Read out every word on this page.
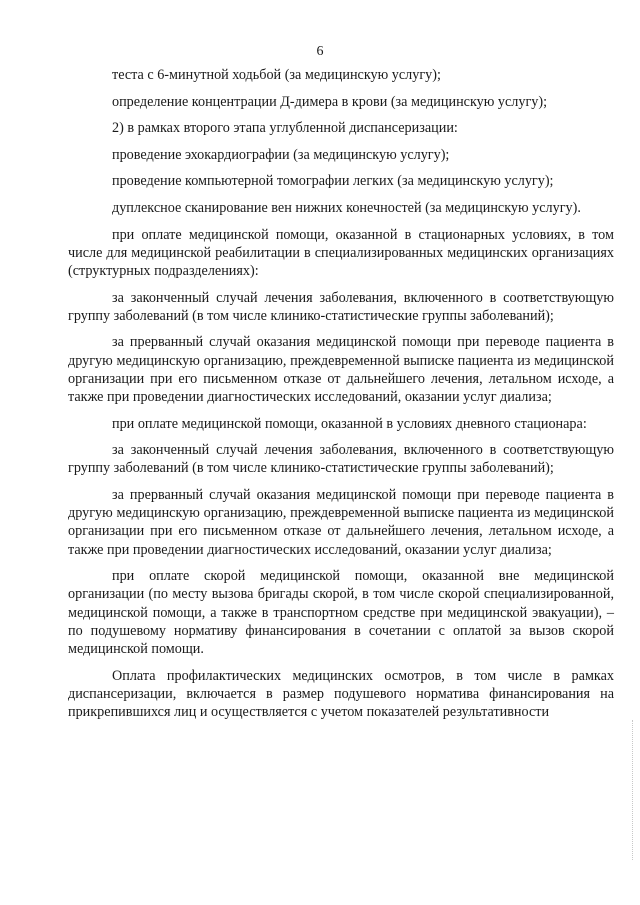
6

теста с 6-минутной ходьбой (за медицинскую услугу);

определение концентрации Д-димера в крови (за медицинскую услугу);

2) в рамках второго этапа углубленной диспансеризации:

проведение эхокардиографии (за медицинскую услугу);

проведение компьютерной томографии легких (за медицинскую услугу);

дуплексное сканирование вен нижних конечностей (за медицинскую услугу).

при оплате медицинской помощи, оказанной в стационарных условиях, в том числе для медицинской реабилитации в специализированных медицинских организациях (структурных подразделениях):

за законченный случай лечения заболевания, включенного в соответствующую группу заболеваний (в том числе клинико-статистические группы заболеваний);

за прерванный случай оказания медицинской помощи при переводе пациента в другую медицинскую организацию, преждевременной выписке пациента из медицинской организации при его письменном отказе от дальнейшего лечения, летальном исходе, а также при проведении диагностических исследований, оказании услуг диализа;

при оплате медицинской помощи, оказанной в условиях дневного стационара:

за законченный случай лечения заболевания, включенного в соответствующую группу заболеваний (в том числе клинико-статистические группы заболеваний);

за прерванный случай оказания медицинской помощи при переводе пациента в другую медицинскую организацию, преждевременной выписке пациента из медицинской организации при его письменном отказе от дальнейшего лечения, летальном исходе, а также при проведении диагностических исследований, оказании услуг диализа;

при оплате скорой медицинской помощи, оказанной вне медицинской организации (по месту вызова бригады скорой, в том числе скорой специализированной, медицинской помощи, а также в транспортном средстве при медицинской эвакуации), – по подушевому нормативу финансирования в сочетании с оплатой за вызов скорой медицинской помощи.

Оплата профилактических медицинских осмотров, в том числе в рамках диспансеризации, включается в размер подушевого норматива финансирования на прикрепившихся лиц и осуществляется с учетом показателей результативности
